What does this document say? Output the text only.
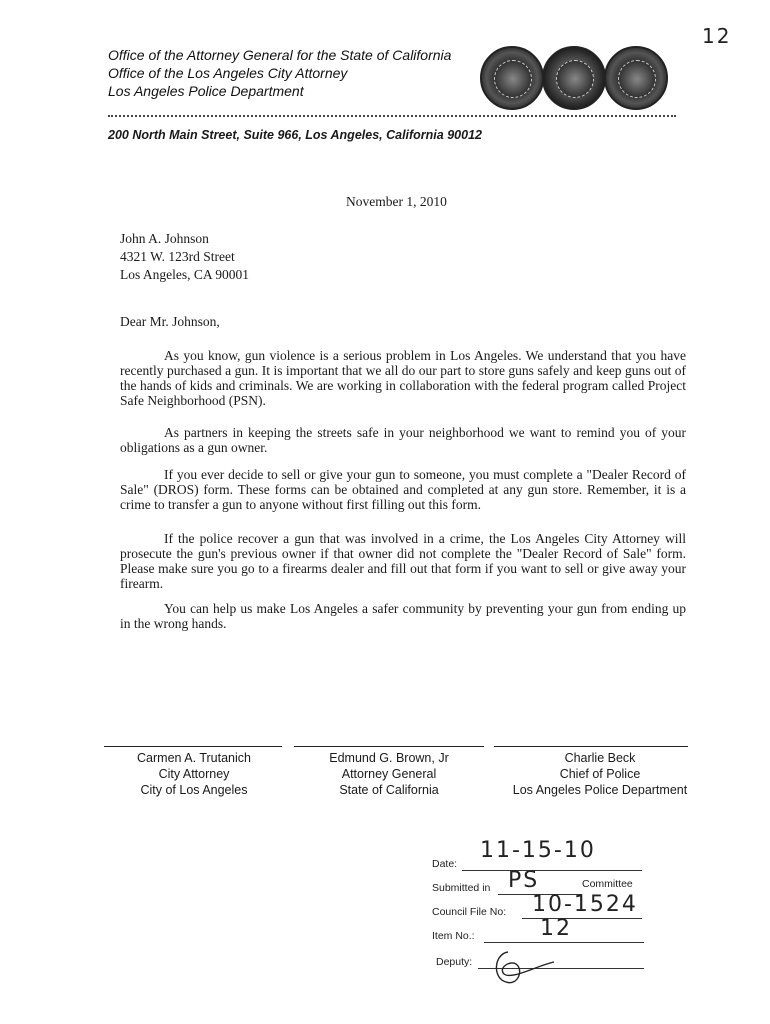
12
Office of the Attorney General for the State of California
Office of the Los Angeles City Attorney
Los Angeles Police Department
200 North Main Street, Suite 966, Los Angeles, California 90012
November 1, 2010
John A. Johnson
4321 W. 123rd Street
Los Angeles, CA 90001
Dear Mr. Johnson,

As you know, gun violence is a serious problem in Los Angeles. We understand that you have recently purchased a gun. It is important that we all do our part to store guns safely and keep guns out of the hands of kids and criminals. We are working in collaboration with the federal program called Project Safe Neighborhood (PSN).

As partners in keeping the streets safe in your neighborhood we want to remind you of your obligations as a gun owner.

If you ever decide to sell or give your gun to someone, you must complete a "Dealer Record of Sale" (DROS) form. These forms can be obtained and completed at any gun store. Remember, it is a crime to transfer a gun to anyone without first filling out this form.

If the police recover a gun that was involved in a crime, the Los Angeles City Attorney will prosecute the gun's previous owner if that owner did not complete the "Dealer Record of Sale" form. Please make sure you go to a firearms dealer and fill out that form if you want to sell or give away your firearm.

You can help us make Los Angeles a safer community by preventing your gun from ending up in the wrong hands.

Carmen A. Trutanich
City Attorney
City of Los Angeles
Edmund G. Brown, Jr
Attorney General
State of California
Charlie Beck
Chief of Police
Los Angeles Police Department
Date:
11-15-10
Submitted in PS	Committee
Council File No: 10-1524
Item No.:	12
Deputy:
